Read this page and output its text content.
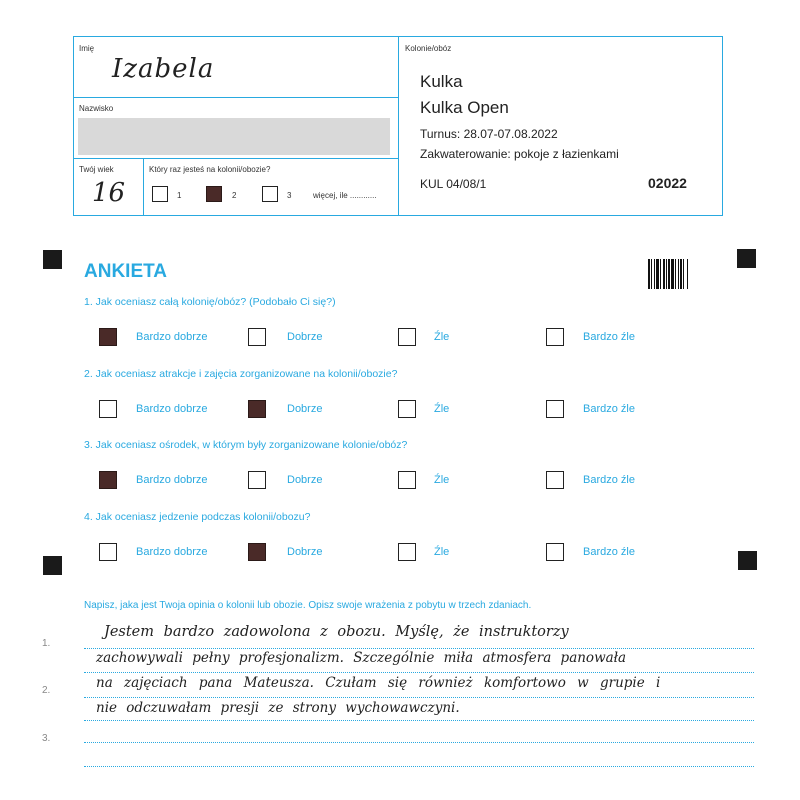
Imię
Izabela
Nazwisko
Twój wiek
16
Który raz jesteś na kolonii/obozie?
1	2	3	więcej, ile ............
Kolonie/obóz
Kulka
Kulka Open
Turnus: 28.07-07.08.2022
Zakwaterowanie: pokoje z łazienkami
KUL 04/08/1	02022
ANKIETA
1. Jak oceniasz całą kolonię/obóz? (Podobało Ci się?)
2. Jak oceniasz atrakcje i zajęcia zorganizowane na kolonii/obozie?
3. Jak oceniasz ośrodek, w którym były zorganizowane kolonie/obóz?
4. Jak oceniasz jedzenie podczas kolonii/obozu?
Bardzo dobrze	Dobrze	Źle	Bardzo źle
Bardzo dobrze	Dobrze	Źle	Bardzo źle
Bardzo dobrze	Dobrze	Źle	Bardzo źle
Bardzo dobrze	Dobrze	Źle	Bardzo źle
Napisz, jaka jest Twoja opinia o kolonii lub obozie. Opisz swoje wrażenia z pobytu w trzech zdaniach.
1.
2.
3.
Jestem bardzo zadowolona z obozu. Myślę, że instruktorzy
zachowywali pełny profesjonalizm. Szczególnie miła atmosfera panowała
na zajęciach pana Mateusza. Czułam się również komfortowo w grupie i
nie odczuwałam presji ze strony wychowawczyni.
